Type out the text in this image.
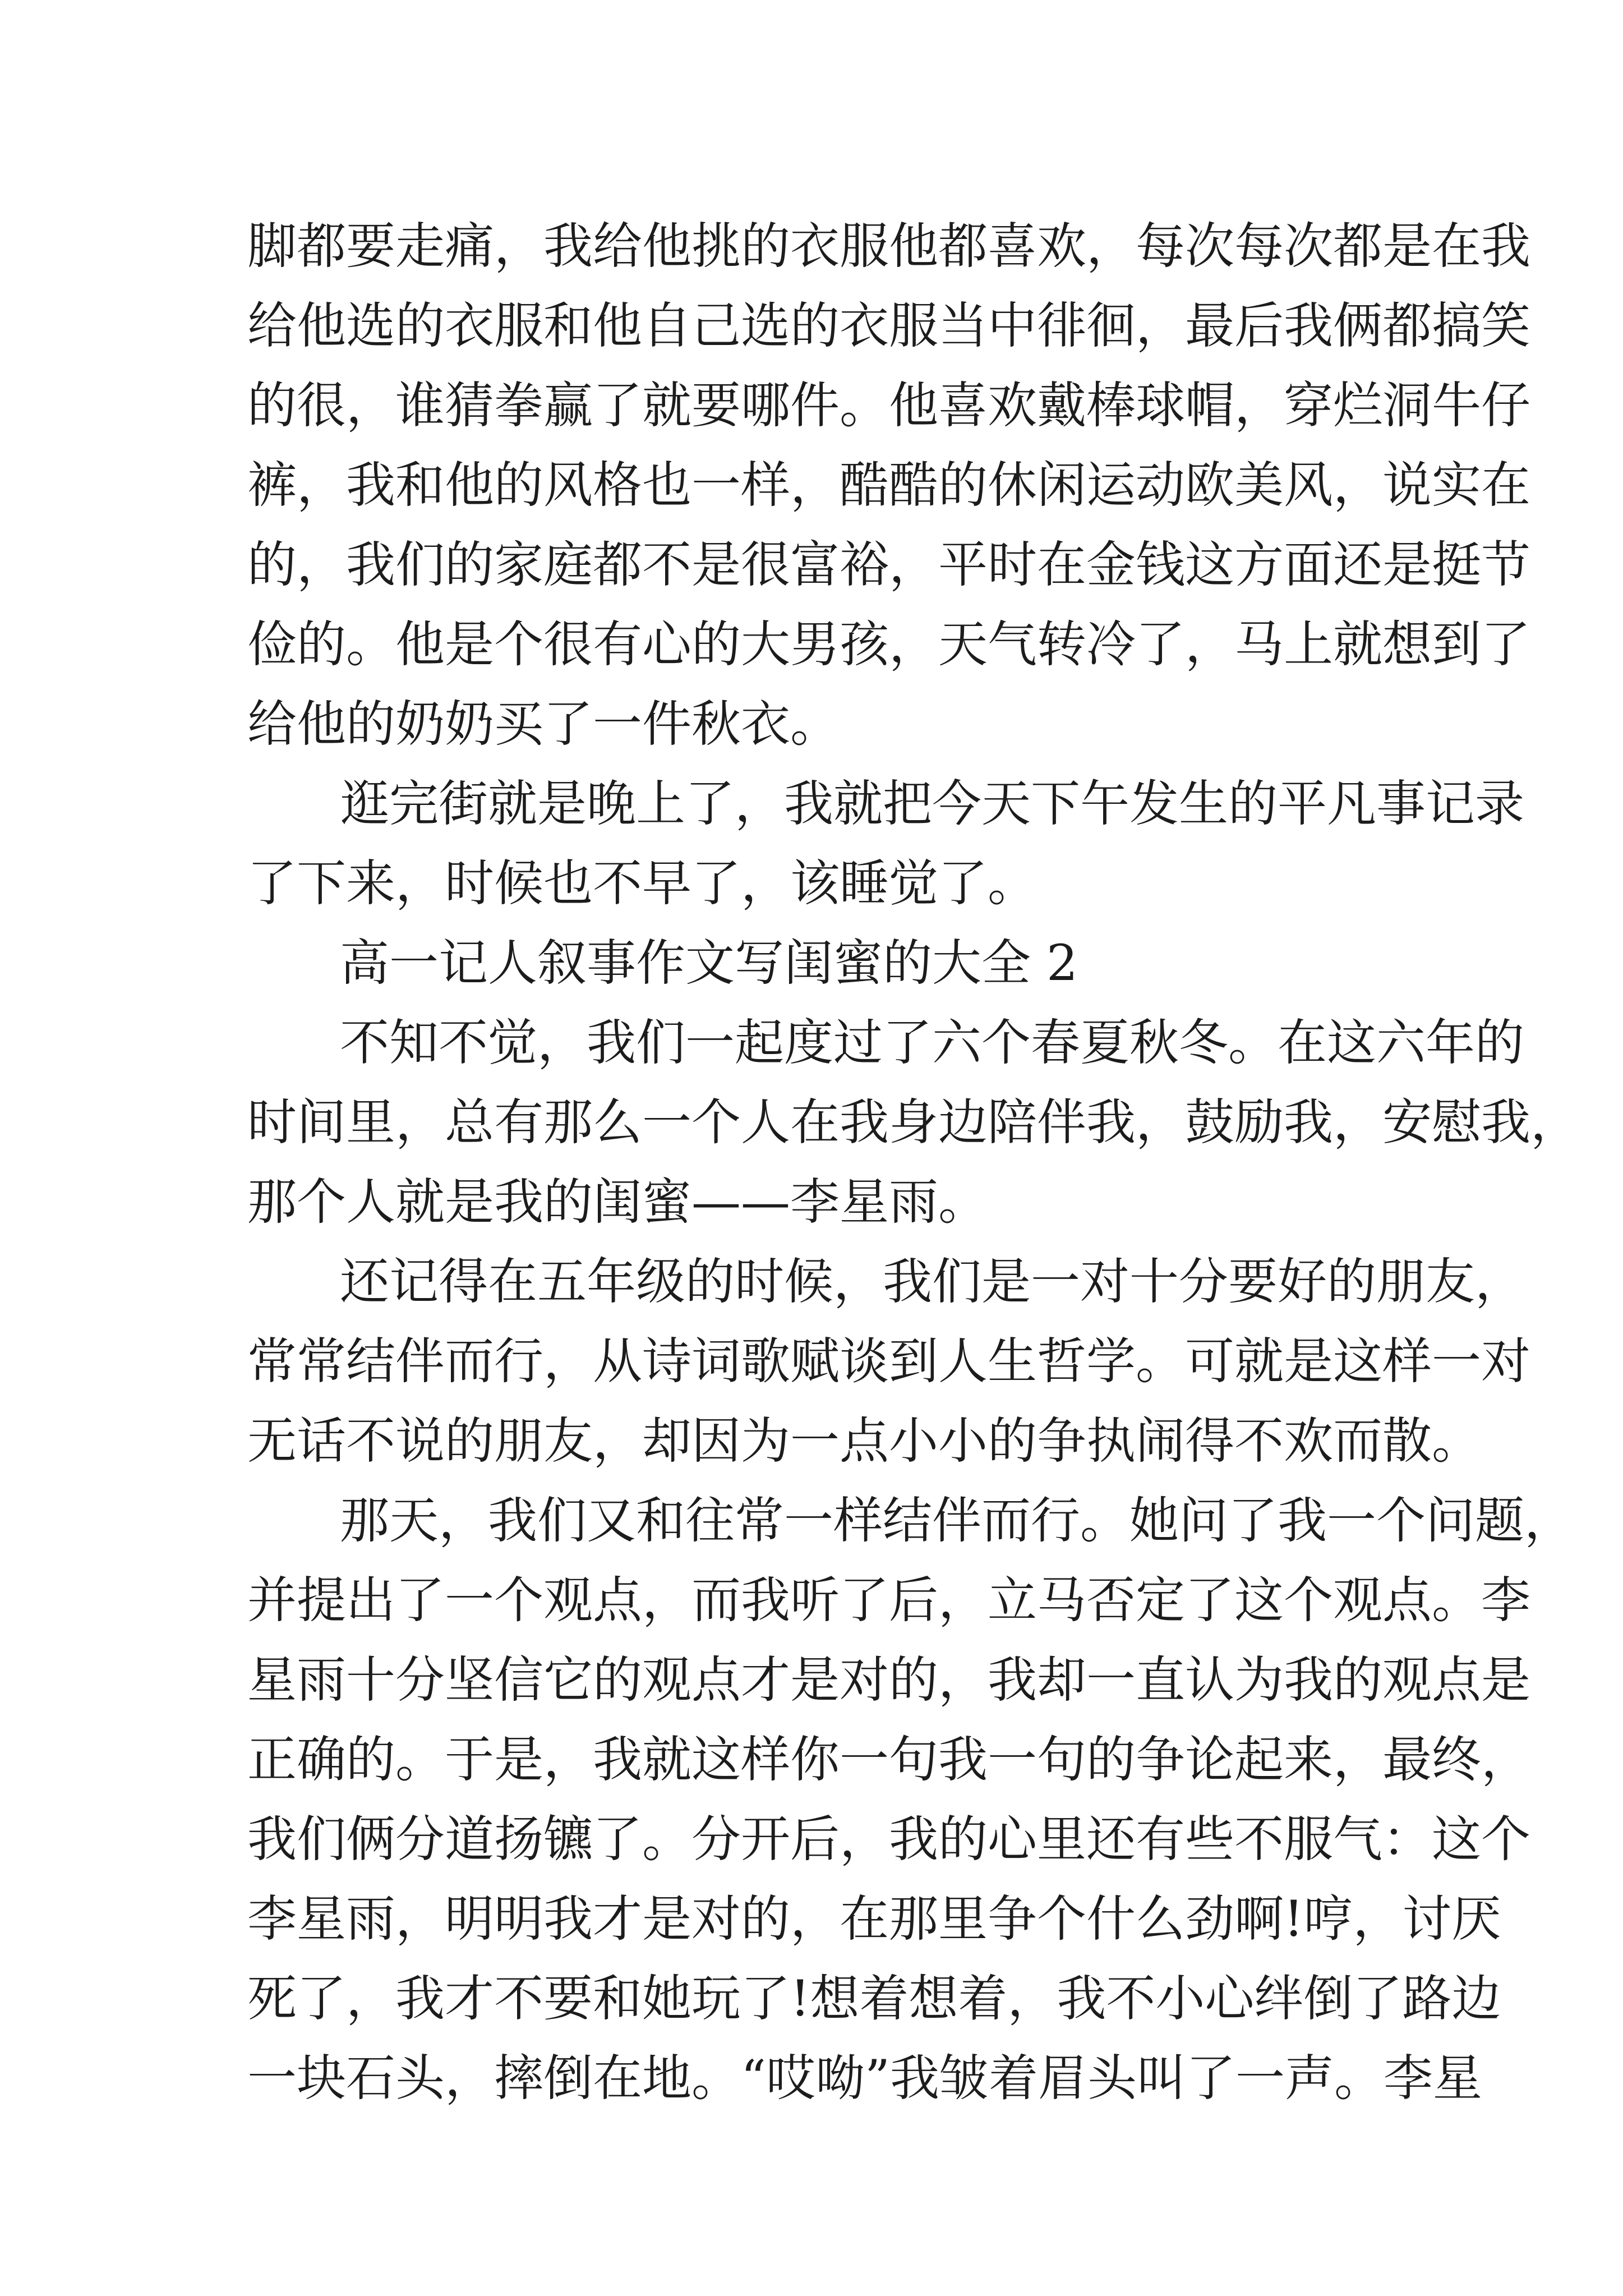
脚都要走痛，我给他挑的衣服他都喜欢，每次每次都是在我
给他选的衣服和他自己选的衣服当中徘徊，最后我俩都搞笑
的很，谁猜拳赢了就要哪件。他喜欢戴棒球帽，穿烂洞牛仔
裤，我和他的风格也一样，酷酷的休闲运动欧美风，说实在
的，我们的家庭都不是很富裕，平时在金钱这方面还是挺节
俭的。他是个很有心的大男孩，天气转冷了，马上就想到了
给他的奶奶买了一件秋衣。
逛完街就是晚上了，我就把今天下午发生的平凡事记录
了下来，时候也不早了，该睡觉了。
高一记人叙事作文写闺蜜的大全 2
不知不觉，我们一起度过了六个春夏秋冬。在这六年的
时间里，总有那么一个人在我身边陪伴我，鼓励我，安慰我，
那个人就是我的闺蜜——李星雨。
还记得在五年级的时候，我们是一对十分要好的朋友，
常常结伴而行，从诗词歌赋谈到人生哲学。可就是这样一对
无话不说的朋友，却因为一点小小的争执闹得不欢而散。
那天，我们又和往常一样结伴而行。她问了我一个问题，
并提出了一个观点，而我听了后，立马否定了这个观点。李
星雨十分坚信它的观点才是对的，我却一直认为我的观点是
正确的。于是，我就这样你一句我一句的争论起来，最终，
我们俩分道扬镳了。分开后，我的心里还有些不服气：这个
李星雨，明明我才是对的，在那里争个什么劲啊!哼，讨厌
死了，我才不要和她玩了!想着想着，我不小心绊倒了路边
一块石头，摔倒在地。“哎呦”我皱着眉头叫了一声。李星
